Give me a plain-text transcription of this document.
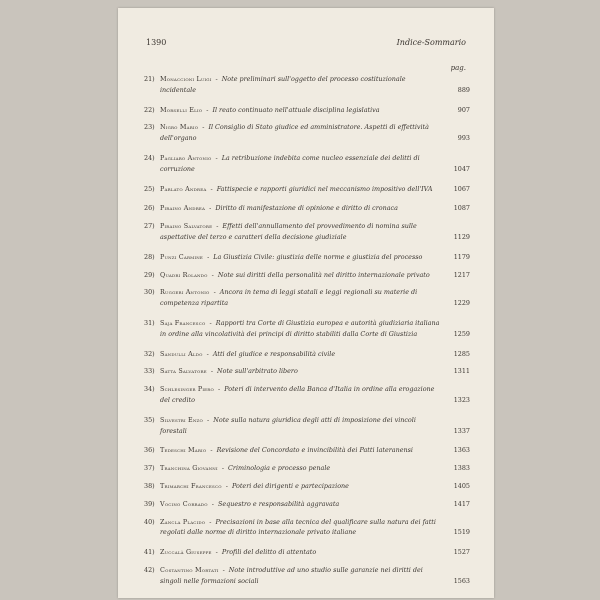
1390	Indice-Sommario
pag.
21) Monaccioni Luigi - Note preliminari sull'oggetto del processo costituzionale incidentale	889
22) Morselli Elio - Il reato continuato nell'attuale disciplina legislativa	907
23) Nigro Mario - Il Consiglio di Stato giudice ed amministratore. Aspetti di effettività dell'organo	993
24) Pagliaro Antonio - La retribuzione indebita come nucleo essenziale dei delitti di corruzione	1047
25) Parlato Andrea - Fattispecie e rapporti giuridici nel meccanismo impositivo dell'IVA	1067
26) Piraino Andrea - Diritto di manifestazione di opinione e diritto di cronaca	1087
27) Piraino Salvatore - Effetti dell'annullamento del provvedimento di nomina sulle aspettative del terzo e caratteri della decisione giudiziale	1129
28) Punzi Carmine - La Giustizia Civile: giustizia delle norme e giustizia del processo	1179
29) Quadri Rolando - Note sui diritti della personalità nel diritto internazionale privato	1217
30) Ruggeri Antonio - Ancora in tema di leggi statali e leggi regionali su materie di competenza ripartita	1229
31) Saja Francesco - Rapporti tra Corte di Giustizia europea e autorità giudiziaria italiana in ordine alla vincolatività dei principi di diritto stabiliti dalla Corte di Giustizia	1259
32) Sandulli Aldo - Atti del giudice e responsabilità civile	1285
33) Satta Salvatore - Note sull'arbitrato libero	1311
34) Schlesinger Piero - Poteri di intervento della Banca d'Italia in ordine alla erogazione del credito	1323
35) Silvestri Enzo - Note sulla natura giuridica degli atti di imposizione dei vincoli forestali	1337
36) Tedeschi Mario - Revisione del Concordato e invincibilità dei Patti lateranensi	1363
37) Tranchina Giovanni - Criminologia e processo penale	1383
38) Trimarchi Francesco - Poteri dei dirigenti e partecipazione	1405
39) Vocino Corrado - Sequestro e responsabilità aggravata	1417
40) Zancla Placido - Precisazioni in base alla tecnica del qualificare sulla natura dei fatti regolati dalle norme di diritto internazionale privato italiane	1519
41) Zuccalà Giuseppe - Profili del delitto di attentato	1527
42) Costantino Mortati - Note introduttive ad uno studio sulle garanzie nei diritti dei singoli nelle formazioni sociali	1563
